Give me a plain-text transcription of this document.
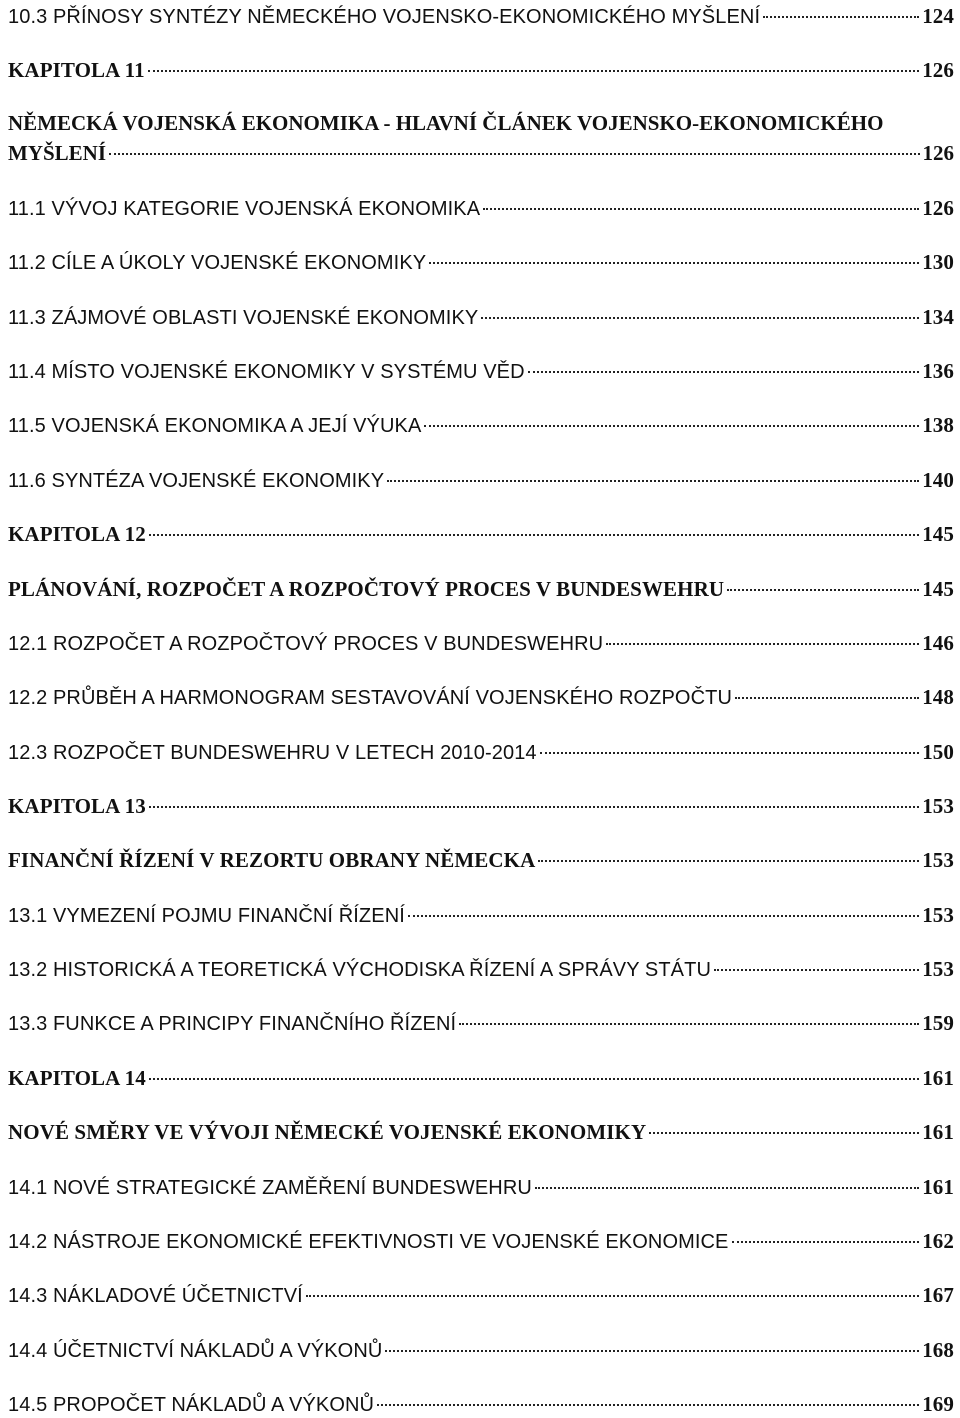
10.3 PŘÍNOSY SYNTÉZY NĚMECKÉHO VOJENSKO-EKONOMICKÉHO MYŠLENÍ	124
KAPITOLA 11	126
NĚMECKÁ VOJENSKÁ EKONOMIKA - HLAVNÍ ČLÁNEK VOJENSKO-EKONOMICKÉHO
MYŠLENÍ	126
11.1 VÝVOJ KATEGORIE VOJENSKÁ EKONOMIKA	126
11.2 CÍLE A ÚKOLY VOJENSKÉ EKONOMIKY	130
11.3 ZÁJMOVÉ OBLASTI VOJENSKÉ EKONOMIKY	134
11.4 MÍSTO VOJENSKÉ EKONOMIKY V SYSTÉMU VĚD	136
11.5 VOJENSKÁ EKONOMIKA A JEJÍ VÝUKA	138
11.6 SYNTÉZA VOJENSKÉ EKONOMIKY	140
KAPITOLA 12	145
PLÁNOVÁNÍ, ROZPOČET A ROZPOČTOVÝ PROCES V BUNDESWEHRU	145
12.1 ROZPOČET A ROZPOČTOVÝ PROCES V BUNDESWEHRU	146
12.2 PRŮBĚH A HARMONOGRAM SESTAVOVÁNÍ VOJENSKÉHO ROZPOČTU	148
12.3 ROZPOČET BUNDESWEHRU V LETECH 2010-2014	150
KAPITOLA 13	153
FINANČNÍ ŘÍZENÍ V REZORTU OBRANY NĚMECKA	153
13.1 VYMEZENÍ POJMU FINANČNÍ ŘÍZENÍ	153
13.2 HISTORICKÁ A TEORETICKÁ VÝCHODISKA ŘÍZENÍ A SPRÁVY STÁTU	153
13.3 FUNKCE A PRINCIPY FINANČNÍHO ŘÍZENÍ	159
KAPITOLA 14	161
NOVÉ SMĚRY VE VÝVOJI NĚMECKÉ VOJENSKÉ EKONOMIKY	161
14.1 NOVÉ STRATEGICKÉ ZAMĚŘENÍ BUNDESWEHRU	161
14.2 NÁSTROJE EKONOMICKÉ EFEKTIVNOSTI VE VOJENSKÉ EKONOMICE	162
14.3 NÁKLADOVÉ ÚČETNICTVÍ	167
14.4 ÚČETNICTVÍ NÁKLADŮ A VÝKONŮ	168
14.5 PROPOČET NÁKLADŮ A VÝKONŮ	169
